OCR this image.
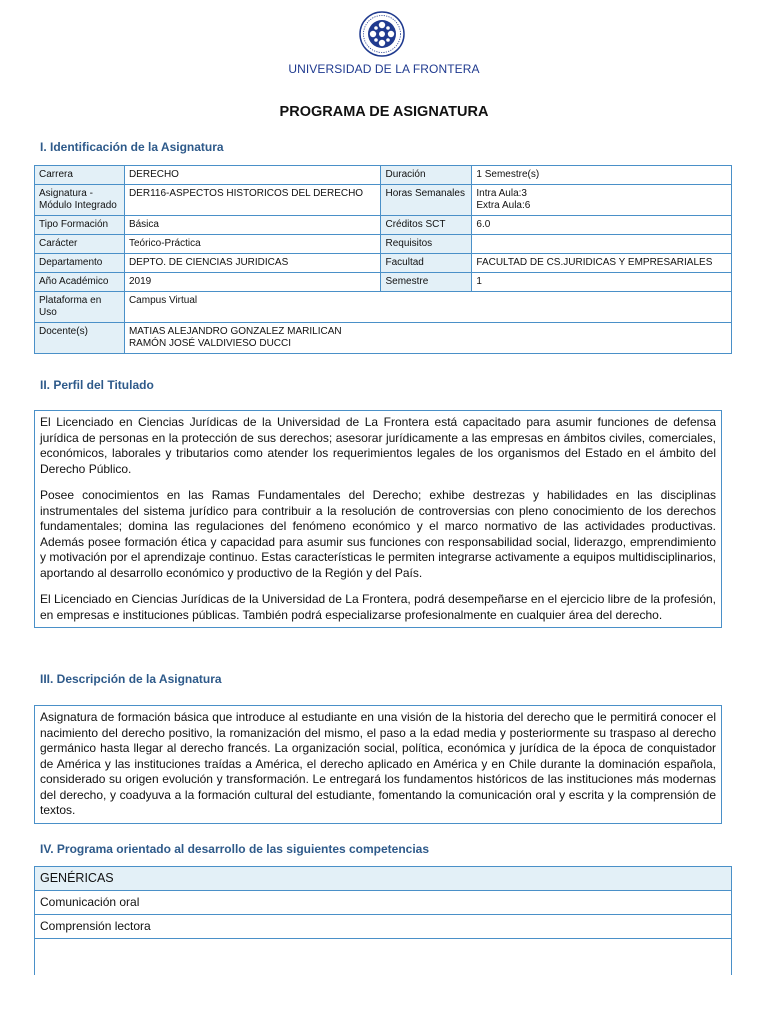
UNIVERSIDAD DE LA FRONTERA
PROGRAMA DE ASIGNATURA
I. Identificación de la Asignatura
Carrera	DERECHO	Duración	1 Semestre(s)
Asignatura - Módulo Integrado	DER116-ASPECTOS HISTORICOS DEL DERECHO	Horas Semanales	Intra Aula:3
Extra Aula:6

Tipo Formación	Básica	Créditos SCT	6.0
Carácter	Teórico-Práctica	Requisitos	
Departamento	DEPTO. DE CIENCIAS JURIDICAS	Facultad	FACULTAD DE CS.JURIDICAS Y EMPRESARIALES
Año Académico	2019	Semestre	1
Plataforma en Uso	Campus Virtual		
Docente(s)	MATIAS ALEJANDRO GONZALEZ MARILICAN
RAMÓN JOSÉ VALDIVIESO DUCCI		
II. Perfil del Titulado

El Licenciado en Ciencias Jurídicas de la Universidad de La Frontera está capacitado para asumir funciones de defensa jurídica de personas en la protección de sus derechos; asesorar jurídicamente a las empresas en ámbitos civiles, comerciales, económicos, laborales y tributarios como atender los requerimientos legales de los organismos del Estado en el ámbito del Derecho Público.

Posee conocimientos en las Ramas Fundamentales del Derecho; exhibe destrezas y habilidades en las disciplinas instrumentales del sistema jurídico para contribuir a la resolución de controversias con pleno conocimiento de los derechos fundamentales; domina las regulaciones del fenómeno económico y el marco normativo de las actividades productivas. Además posee formación ética y capacidad para asumir sus funciones con responsabilidad social, liderazgo, emprendimiento y motivación por el aprendizaje continuo. Estas características le permiten integrarse activamente a equipos multidisciplinarios, aportando al desarrollo económico y productivo de la Región y del País.

El Licenciado en Ciencias Jurídicas de la Universidad de La Frontera, podrá desempeñarse en el ejercicio libre de la profesión, en empresas e instituciones públicas. También podrá especializarse profesionalmente en cualquier área del derecho.

III. Descripción de la Asignatura

Asignatura de formación básica que introduce al estudiante en una visión de la historia del derecho que le permitirá conocer el nacimiento del derecho positivo, la romanización del mismo, el paso a la edad media y posteriormente su traspaso al derecho germánico hasta llegar al derecho francés. La organización social, política, económica y jurídica de la época de conquistador de América y las instituciones traídas a América, el derecho aplicado en América y en Chile durante la dominación española, considerado su origen evolución y transformación. Le entregará los fundamentos históricos de las instituciones más modernas del derecho, y coadyuva a la formación cultural del estudiante, fomentando la comunicación oral y escrita y la comprensión de textos.

IV. Programa orientado al desarrollo de las siguientes competencias
GENÉRICAS
Comunicación oral
Comprensión lectora
